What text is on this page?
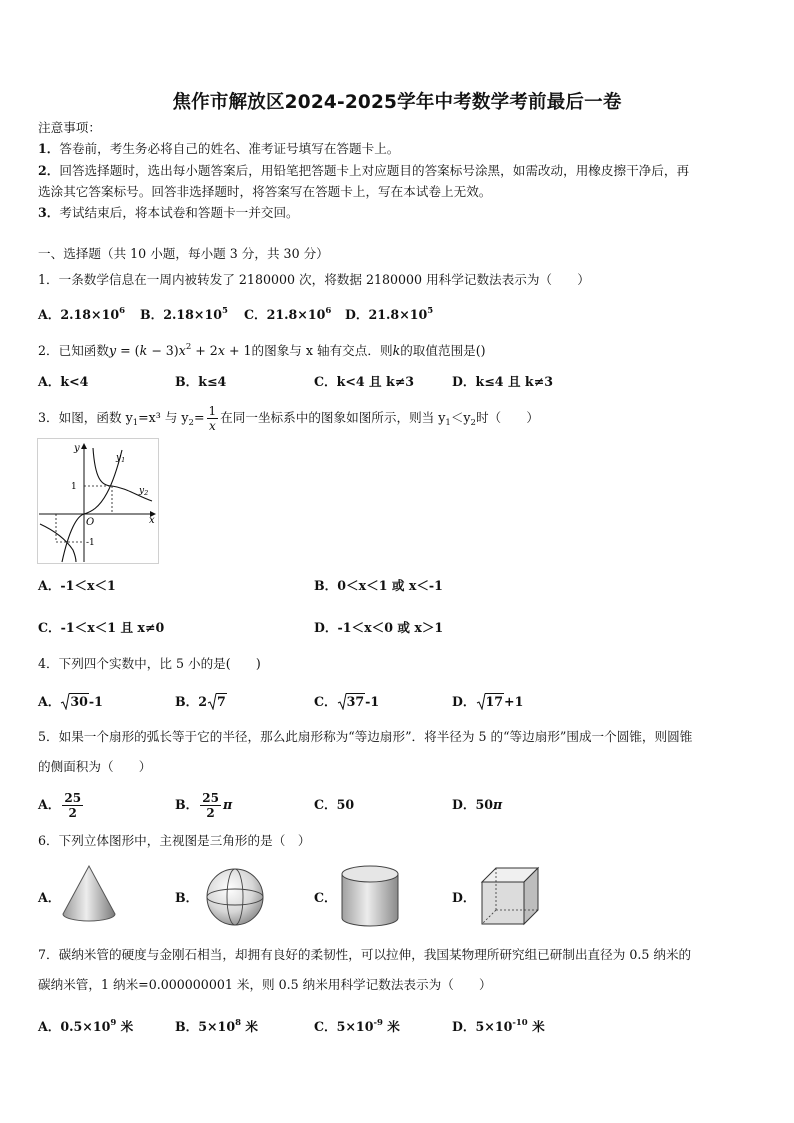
焦作市解放区2024-2025学年中考数学考前最后一卷
注意事项：
1．答卷前，考生务必将自己的姓名、准考证号填写在答题卡上。
2．回答选择题时，选出每小题答案后，用铅笔把答题卡上对应题目的答案标号涂黑，如需改动，用橡皮擦干净后，再
选涂其它答案标号。回答非选择题时，将答案写在答题卡上，写在本试卷上无效。
3．考试结束后，将本试卷和答题卡一并交回。
一、选择题（共 10 小题，每小题 3 分，共 30 分）
1．一条数学信息在一周内被转发了 2180000 次，将数据 2180000 用科学记数法表示为（　　）
A．$2.18\times 10^6$ B．$2.18\times 10^5$ C．$21.8\times 10^6$ D．$21.8\times 10^5$
2．已知函数$y = (k - 3)x^2 + 2x + 1$的图象与 x 轴有交点．则k的取值范围是()
A．k<4	B．k≤4	C．k<4 且 k≠3	D．k≤4 且 k≠3
3．如图，函数 $y_1=x^3$ 与 $y_2= \frac{1}{x}$ 在同一坐标系中的图象如图所示，则当 $y_1<y_2$时（　　）
y
x
O
1
-1
$y_1$
$y_2$
A．-1＜x＜1	B．0＜x＜1 或 x＜-1
C．-1＜x＜1 且 x≠0	D．-1＜x＜0 或 x＞1
4．下列四个实数中，比 5 小的是(　　)
A． 30-1	B．2 7	C． 37-1	D． 17+1
5．如果一个扇形的弧长等于它的半径，那么此扇形称为“等边扇形”．将半径为 5 的“等边扇形”围成一个圆锥，则圆锥
的侧面积为（　　）
A． $\frac{25}{2}$	B． $\frac{25}{2}$ π	C．50	D．50π
6．下列立体图形中，主视图是三角形的是（　）
A．	B．	C．	D．
7．碳纳米管的硬度与金刚石相当，却拥有良好的柔韧性，可以拉伸，我国某物理所研究组已研制出直径为 0.5 纳米的
碳纳米管，1 纳米=0.000000001 米，则 0.5 纳米用科学记数法表示为（　　）
A．$0.5\times 10^9$ 米	B．$5\times 10^8$ 米	C．$5\times 10^{-9}$ 米	D．$5\times 10^{-10}$ 米
